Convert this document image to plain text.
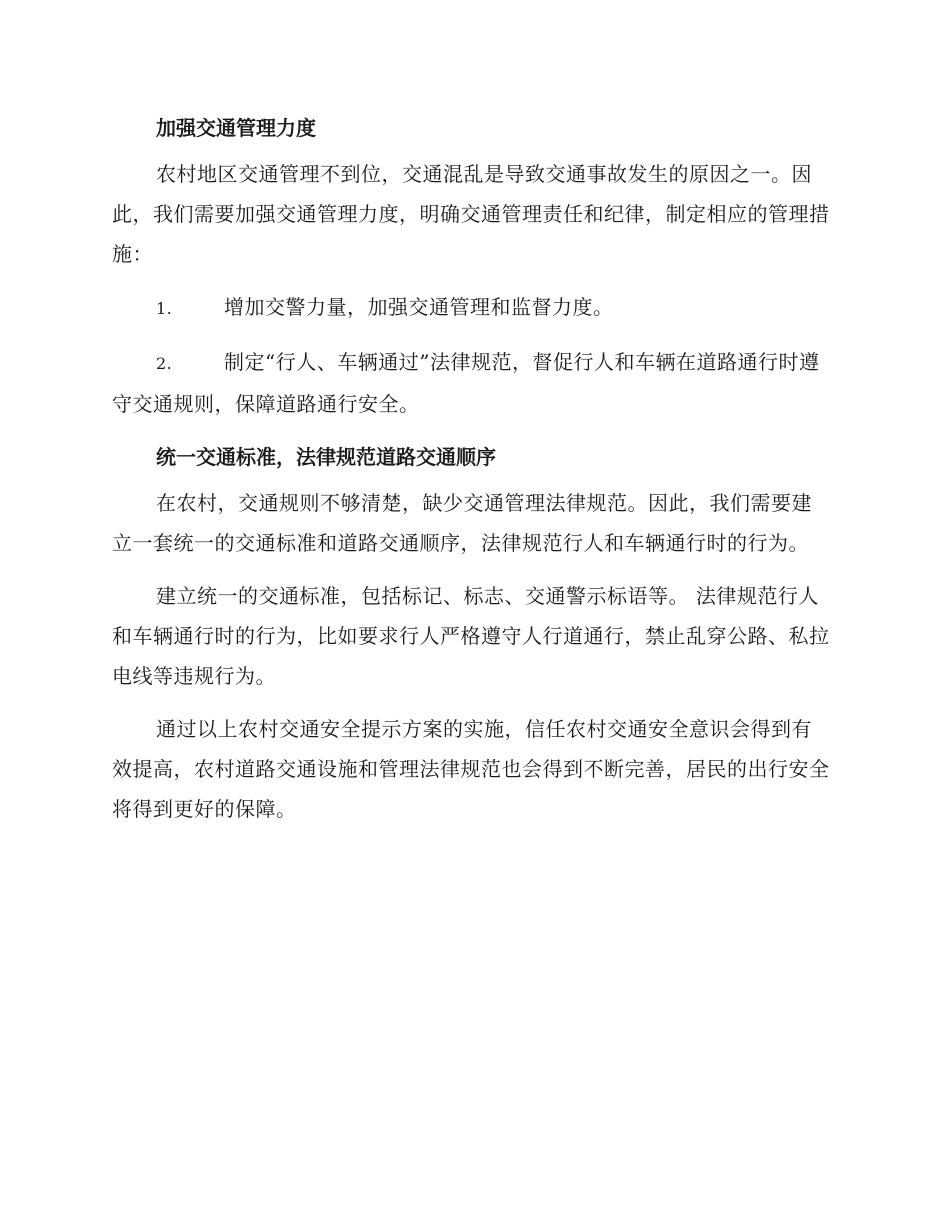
加强交通管理力度

农村地区交通管理不到位，交通混乱是导致交通事故发生的原因之一。因此，我们需要加强交通管理力度，明确交通管理责任和纪律，制定相应的管理措施：

1.	增加交警力量，加强交通管理和监督力度。
2.	制定“行人、车辆通过”法律规范，督促行人和车辆在道路通行时遵守交通规则，保障道路通行安全。
统一交通标准，法律规范道路交通顺序

在农村，交通规则不够清楚，缺少交通管理法律规范。因此，我们需要建立一套统一的交通标准和道路交通顺序，法律规范行人和车辆通行时的行为。

建立统一的交通标准，包括标记、标志、交通警示标语等。 法律规范行人和车辆通行时的行为，比如要求行人严格遵守人行道通行，禁止乱穿公路、私拉电线等违规行为。

通过以上农村交通安全提示方案的实施，信任农村交通安全意识会得到有效提高，农村道路交通设施和管理法律规范也会得到不断完善，居民的出行安全将得到更好的保障。
